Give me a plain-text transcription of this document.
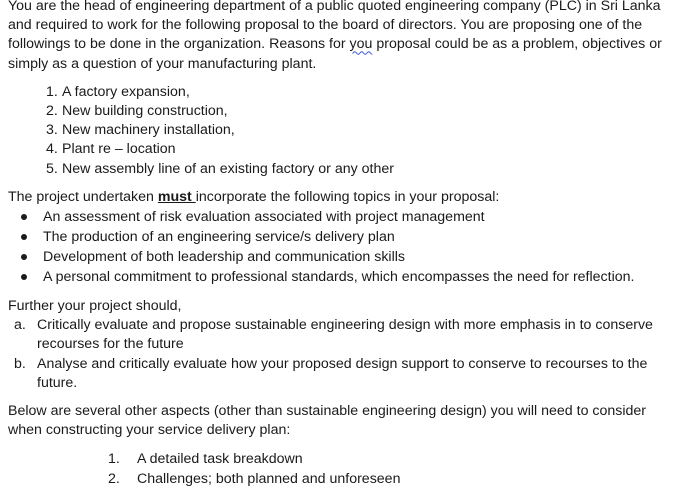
You are the head of engineering department of a public quoted engineering company (PLC) in Sri Lanka and required to work for the following proposal to the board of directors. You are proposing one of the followings to be done in the organization. Reasons for you proposal could be as a problem, objectives or simply as a question of your manufacturing plant.

1. A factory expansion,
2. New building construction,
3. New machinery installation,
4. Plant re – location
5. New assembly line of an existing factory or any other

The project undertaken must incorporate the following topics in your proposal:

An assessment of risk evaluation associated with project management
The production of an engineering service/s delivery plan
Development of both leadership and communication skills
A personal commitment to professional standards, which encompasses the need for reflection.

Further your project should,

a. Critically evaluate and propose sustainable engineering design with more emphasis in to conserve recourses for the future
b. Analyse and critically evaluate how your proposed design support to conserve to recourses to the future.

Below are several other aspects (other than sustainable engineering design) you will need to consider when constructing your service delivery plan:

1. A detailed task breakdown
2. Challenges; both planned and unforeseen
